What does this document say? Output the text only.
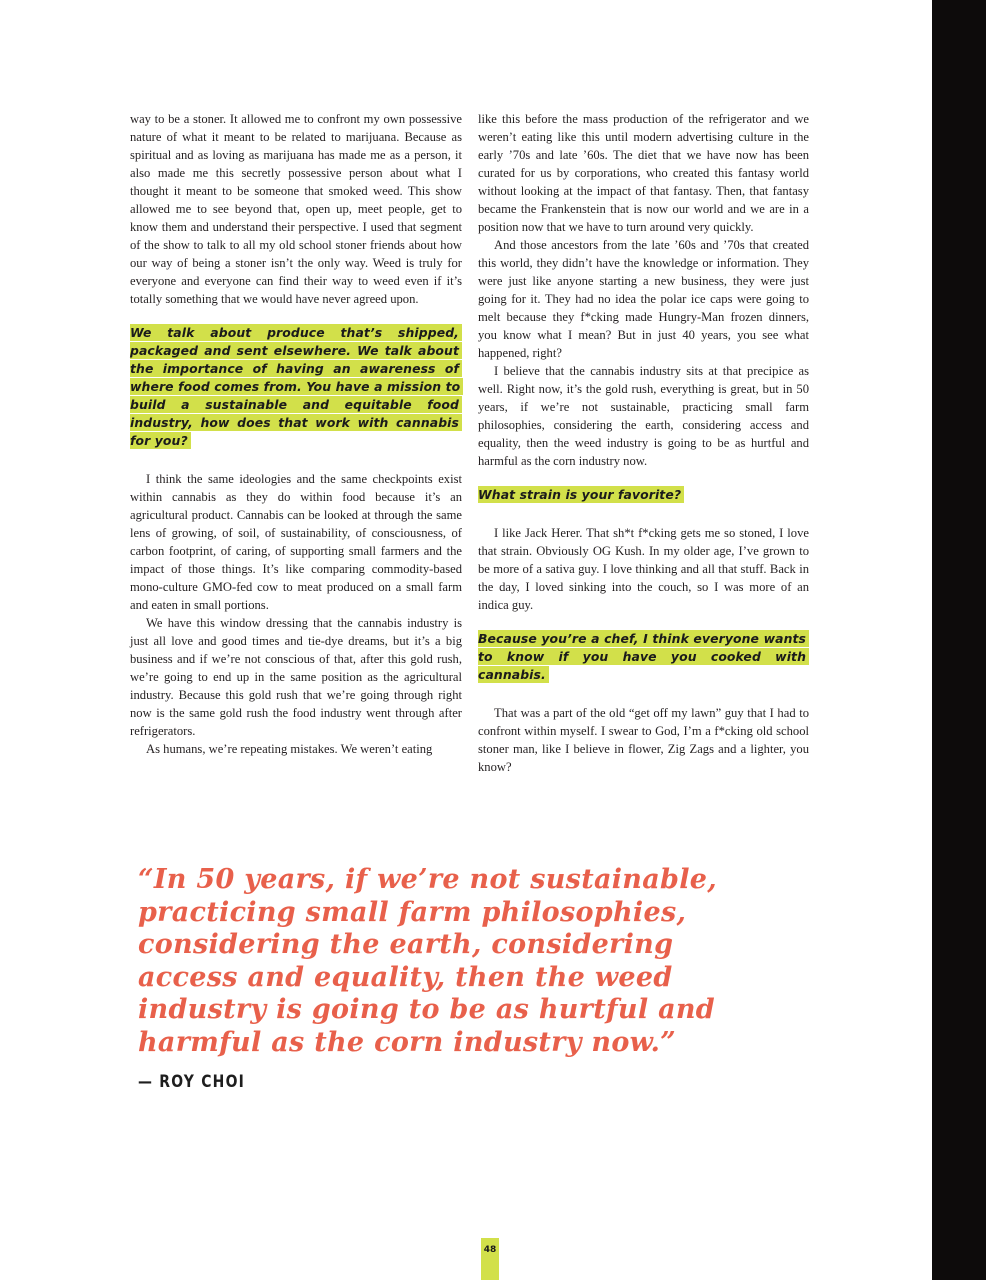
way to be a stoner. It allowed me to confront my own possessive nature of what it meant to be related to marijuana. Because as spiritual and as loving as marijuana has made me as a person, it also made me this secretly possessive person about what I thought it meant to be someone that smoked weed. This show allowed me to see beyond that, open up, meet people, get to know them and understand their perspective. I used that segment of the show to talk to all my old school stoner friends about how our way of being a stoner isn’t the only way. Weed is truly for everyone and everyone can find their way to weed even if it’s totally something that we would have never agreed upon.

We talk about produce that’s shipped, packaged and sent elsewhere. We talk about the importance of having an awareness of where food comes from. You have a mission to build a sustainable and equitable food industry, how does that work with cannabis for you?

I think the same ideologies and the same checkpoints exist within cannabis as they do within food because it’s an agricultural product. Cannabis can be looked at through the same lens of growing, of soil, of sustainability, of consciousness, of carbon footprint, of caring, of supporting small farmers and the impact of those things. It’s like comparing commodity-based mono-culture GMO-fed cow to meat produced on a small farm and eaten in small portions.

We have this window dressing that the cannabis industry is just all love and good times and tie-dye dreams, but it’s a big business and if we’re not conscious of that, after this gold rush, we’re going to end up in the same position as the agricultural industry. Because this gold rush that we’re going through right now is the same gold rush the food industry went through after refrigerators.

As humans, we’re repeating mistakes. We weren’t eating

like this before the mass production of the refrigerator and we weren’t eating like this until modern advertising culture in the early ’70s and late ’60s. The diet that we have now has been curated for us by corporations, who created this fantasy world without looking at the impact of that fantasy. Then, that fantasy became the Frankenstein that is now our world and we are in a position now that we have to turn around very quickly.

And those ancestors from the late ’60s and ’70s that created this world, they didn’t have the knowledge or information. They were just like anyone starting a new business, they were just going for it. They had no idea the polar ice caps were going to melt because they f*cking made Hungry-Man frozen dinners, you know what I mean? But in just 40 years, you see what happened, right?

I believe that the cannabis industry sits at that precipice as well. Right now, it’s the gold rush, everything is great, but in 50 years, if we’re not sustainable, practicing small farm philosophies, considering the earth, considering access and equality, then the weed industry is going to be as hurtful and harmful as the corn industry now.

What strain is your favorite?

I like Jack Herer. That sh*t f*cking gets me so stoned, I love that strain. Obviously OG Kush. In my older age, I’ve grown to be more of a sativa guy. I love thinking and all that stuff. Back in the day, I loved sinking into the couch, so I was more of an indica guy.

Because you’re a chef, I think everyone wants to know if you have you cooked with cannabis.

That was a part of the old “get off my lawn” guy that I had to confront within myself. I swear to God, I’m a f*cking old school stoner man, like I believe in flower, Zig Zags and a lighter, you know?

“In 50 years, if we’re not sustainable, practicing small farm philosophies, considering the earth, considering access and equality, then the weed industry is going to be as hurtful and harmful as the corn industry now.”
— ROY CHOI
48
